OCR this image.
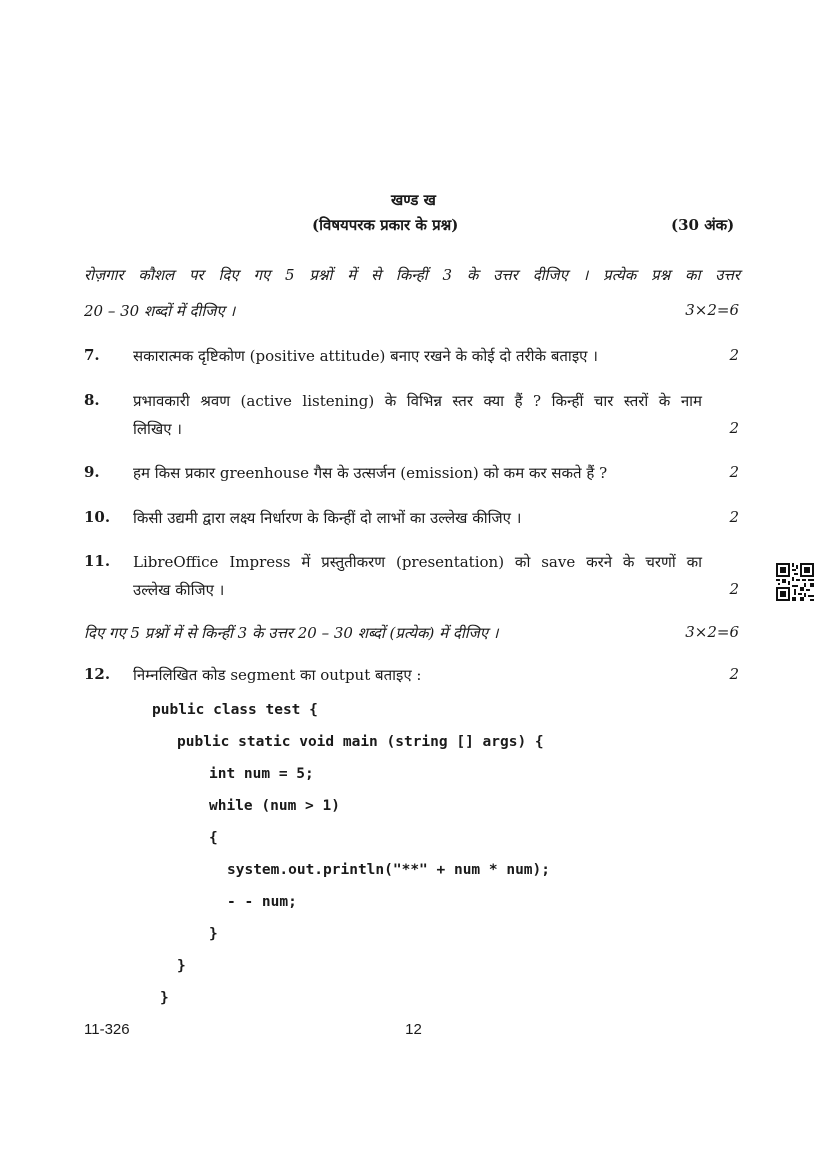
खण्ड ख
(विषयपरक प्रकार के प्रश्न)	(30 अंक)
रोज़गार कौशल पर दिए गए 5 प्रश्नों में से किन्हीं 3 के उत्तर दीजिए । प्रत्येक प्रश्न का उत्तर
20 – 30 शब्दों में दीजिए ।	3×2=6
7. सकारात्मक दृष्टिकोण (positive attitude) बनाए रखने के कोई दो तरीके बताइए ।	2
8. प्रभावकारी श्रवण (active listening) के विभिन्न स्तर क्या हैं ? किन्हीं चार स्तरों के नाम
लिखिए ।	2
9. हम किस प्रकार greenhouse गैस के उत्सर्जन (emission) को कम कर सकते हैं ?	2
10. किसी उद्यमी द्वारा लक्ष्य निर्धारण के किन्हीं दो लाभों का उल्लेख कीजिए ।	2
11. LibreOffice Impress में प्रस्तुतीकरण (presentation) को save करने के चरणों का
उल्लेख कीजिए ।	2
दिए गए 5 प्रश्नों में से किन्हीं 3 के उत्तर 20 – 30 शब्दों (प्रत्येक) में दीजिए ।	3×2=6
12. निम्नलिखित कोड segment का output बताइए :	2
public class test {
public static void main (string [] args) {
int num = 5;
while (num > 1)
{
system.out.println("**" + num * num);
- - num;
}
}
}
11-326	12
